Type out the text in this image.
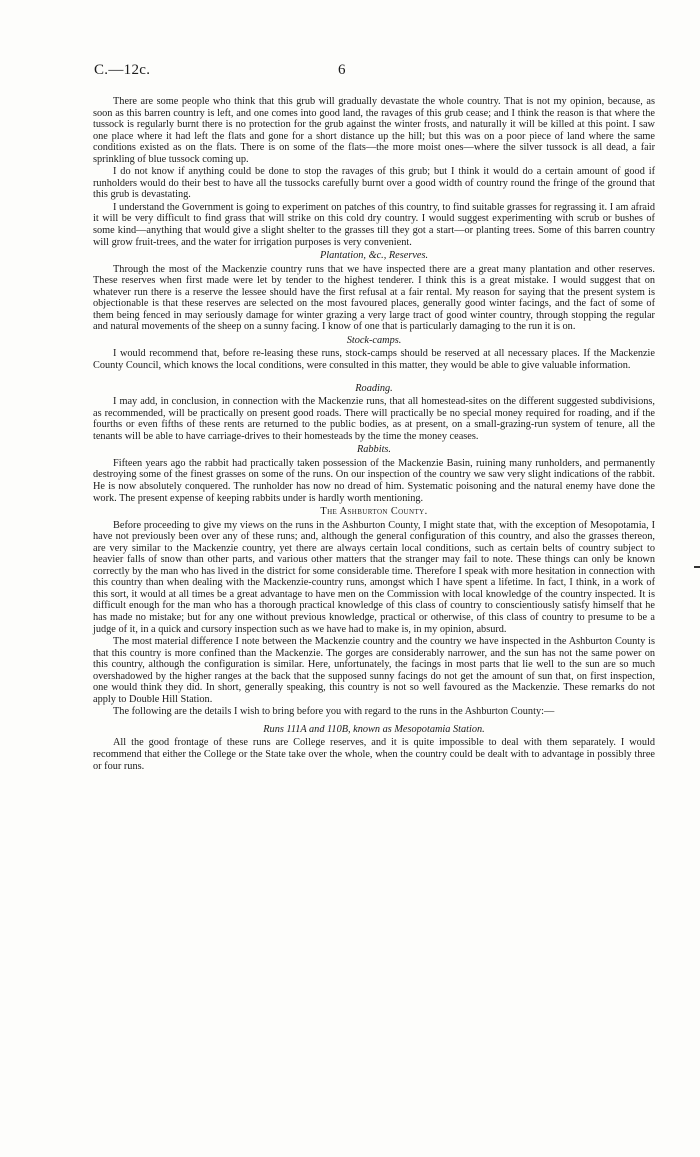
C.—12c.	6

There are some people who think that this grub will gradually devastate the whole country. That is not my opinion, because, as soon as this barren country is left, and one comes into good land, the ravages of this grub cease; and I think the reason is that where the tussock is regularly burnt there is no protection for the grub against the winter frosts, and naturally it will be killed at this point. I saw one place where it had left the flats and gone for a short distance up the hill; but this was on a poor piece of land where the same conditions existed as on the flats. There is on some of the flats—the more moist ones—where the silver tussock is all dead, a fair sprinkling of blue tussock coming up.

I do not know if anything could be done to stop the ravages of this grub; but I think it would do a certain amount of good if runholders would do their best to have all the tussocks carefully burnt over a good width of country round the fringe of the ground that this grub is devastating.

I understand the Government is going to experiment on patches of this country, to find suitable grasses for regrassing it. I am afraid it will be very difficult to find grass that will strike on this cold dry country. I would suggest experimenting with scrub or bushes of some kind—anything that would give a slight shelter to the grasses till they got a start—or planting trees. Some of this barren country will grow fruit-trees, and the water for irrigation purposes is very convenient.

Plantation, &c., Reserves.

Through the most of the Mackenzie country runs that we have inspected there are a great many plantation and other reserves. These reserves when first made were let by tender to the highest tenderer. I think this is a great mistake. I would suggest that on whatever run there is a reserve the lessee should have the first refusal at a fair rental. My reason for saying that the present system is objectionable is that these reserves are selected on the most favoured places, generally good winter facings, and the fact of some of them being fenced in may seriously damage for winter grazing a very large tract of good winter country, through stopping the regular and natural movements of the sheep on a sunny facing. I know of one that is particularly damaging to the run it is on.

Stock-camps.

I would recommend that, before re-leasing these runs, stock-camps should be reserved at all necessary places. If the Mackenzie County Council, which knows the local conditions, were consulted in this matter, they would be able to give valuable information.

Roading.

I may add, in conclusion, in connection with the Mackenzie runs, that all homestead-sites on the different suggested subdivisions, as recommended, will be practically on present good roads. There will practically be no special money required for roading, and if the fourths or even fifths of these rents are returned to the public bodies, as at present, on a small-grazing-run system of tenure, all the tenants will be able to have carriage-drives to their homesteads by the time the money ceases.

Rabbits.

Fifteen years ago the rabbit had practically taken possession of the Mackenzie Basin, ruining many runholders, and permanently destroying some of the finest grasses on some of the runs. On our inspection of the country we saw very slight indications of the rabbit. He is now absolutely conquered. The runholder has now no dread of him. Systematic poisoning and the natural enemy have done the work. The present expense of keeping rabbits under is hardly worth mentioning.

The Ashburton County.

Before proceeding to give my views on the runs in the Ashburton County, I might state that, with the exception of Mesopotamia, I have not previously been over any of these runs; and, although the general configuration of this country, and also the grasses thereon, are very similar to the Mackenzie country, yet there are always certain local conditions, such as certain belts of country subject to heavier falls of snow than other parts, and various other matters that the stranger may fail to note. These things can only be known correctly by the man who has lived in the district for some considerable time. Therefore I speak with more hesitation in connection with this country than when dealing with the Mackenzie-country runs, amongst which I have spent a lifetime. In fact, I think, in a work of this sort, it would at all times be a great advantage to have men on the Commission with local knowledge of the country inspected. It is difficult enough for the man who has a thorough practical knowledge of this class of country to conscientiously satisfy himself that he has made no mistake; but for any one without previous knowledge, practical or otherwise, of this class of country to presume to be a judge of it, in a quick and cursory inspection such as we have had to make is, in my opinion, absurd.

The most material difference I note between the Mackenzie country and the country we have inspected in the Ashburton County is that this country is more confined than the Mackenzie. The gorges are considerably narrower, and the sun has not the same power on this country, although the configuration is similar. Here, unfortunately, the facings in most parts that lie well to the sun are so much overshadowed by the higher ranges at the back that the supposed sunny facings do not get the amount of sun that, on first inspection, one would think they did. In short, generally speaking, this country is not so well favoured as the Mackenzie. These remarks do not apply to Double Hill Station.

The following are the details I wish to bring before you with regard to the runs in the Ashburton County:—

Runs 111A and 110B, known as Mesopotamia Station.

All the good frontage of these runs are College reserves, and it is quite impossible to deal with them separately. I would recommend that either the College or the State take over the whole, when the country could be dealt with to advantage in possibly three or four runs.
